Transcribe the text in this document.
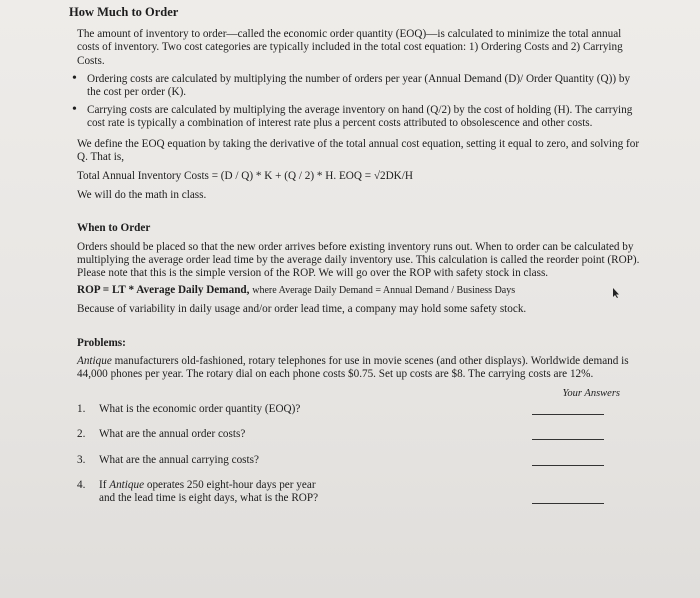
How Much to Order

The amount of inventory to order—called the economic order quantity (EOQ)—is calculated to minimize the total annual costs of inventory. Two cost categories are typically included in the total cost equation: 1) Ordering Costs and 2) Carrying Costs.

• Ordering costs are calculated by multiplying the number of orders per year (Annual Demand (D)/ Order Quantity (Q)) by the cost per order (K).
• Carrying costs are calculated by multiplying the average inventory on hand (Q/2) by the cost of holding (H). The carrying cost rate is typically a combination of interest rate plus a percent costs attributed to obsolescence and other costs.

We define the EOQ equation by taking the derivative of the total annual cost equation, setting it equal to zero, and solving for Q. That is,

Total Annual Inventory Costs = (D / Q) * K + (Q / 2) * H. EOQ = √2DK/H

We will do the math in class.

When to Order

Orders should be placed so that the new order arrives before existing inventory runs out. When to order can be calculated by multiplying the average order lead time by the average daily inventory use. This calculation is called the reorder point (ROP). Please note that this is the simple version of the ROP. We will go over the ROP with safety stock in class.

ROP = LT * Average Daily Demand, where Average Daily Demand = Annual Demand / Business Days

Because of variability in daily usage and/or order lead time, a company may hold some safety stock.

Problems:

Antique manufacturers old-fashioned, rotary telephones for use in movie scenes (and other displays). Worldwide demand is 44,000 phones per year. The rotary dial on each phone costs $0.75. Set up costs are $8. The carrying costs are 12%.

Your Answers
1. What is the economic order quantity (EOQ)?
2. What are the annual order costs?
3. What are the annual carrying costs?
4. If Antique operates 250 eight-hour days per year
and the lead time is eight days, what is the ROP?
